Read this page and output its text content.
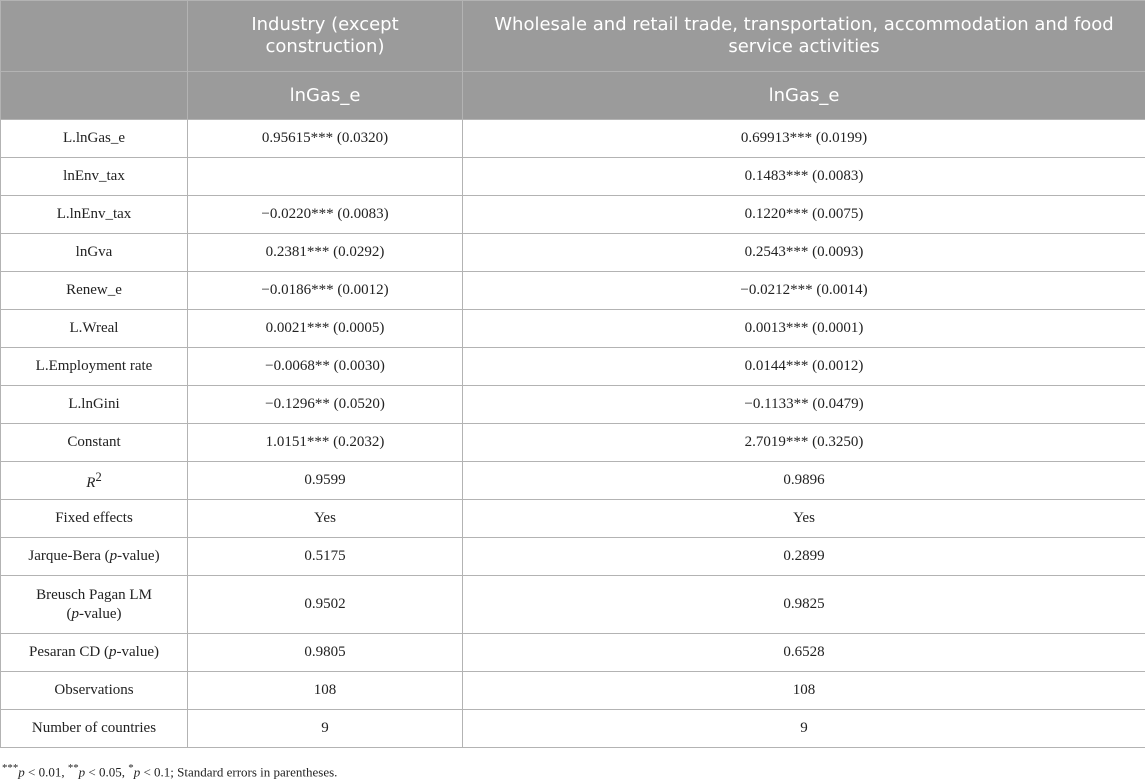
	Industry (except construction)	Wholesale and retail trade, transportation, accommodation and food service activities
	lnGas_e	lnGas_e
L.lnGas_e	0.95615*** (0.0320)	0.69913*** (0.0199)
lnEnv_tax		0.1483*** (0.0083)
L.lnEnv_tax	−0.0220*** (0.0083)	0.1220*** (0.0075)
lnGva	0.2381*** (0.0292)	0.2543*** (0.0093)
Renew_e	−0.0186*** (0.0012)	−0.0212*** (0.0014)
L.Wreal	0.0021*** (0.0005)	0.0013*** (0.0001)
L.Employment rate	−0.0068** (0.0030)	0.0144*** (0.0012)
L.lnGini	−0.1296** (0.0520)	−0.1133** (0.0479)
Constant	1.0151*** (0.2032)	2.7019*** (0.3250)
$R^2$	0.9599	0.9896
Fixed effects	Yes	Yes
Jarque-Bera (p-value)	0.5175	0.2899
Breusch Pagan LM
(p-value)	0.9502	0.9825
Pesaran CD (p-value)	0.9805	0.6528
Observations	108	108
Number of countries	9	9
***p < 0.01, **p < 0.05, *p < 0.1; Standard errors in parentheses.
